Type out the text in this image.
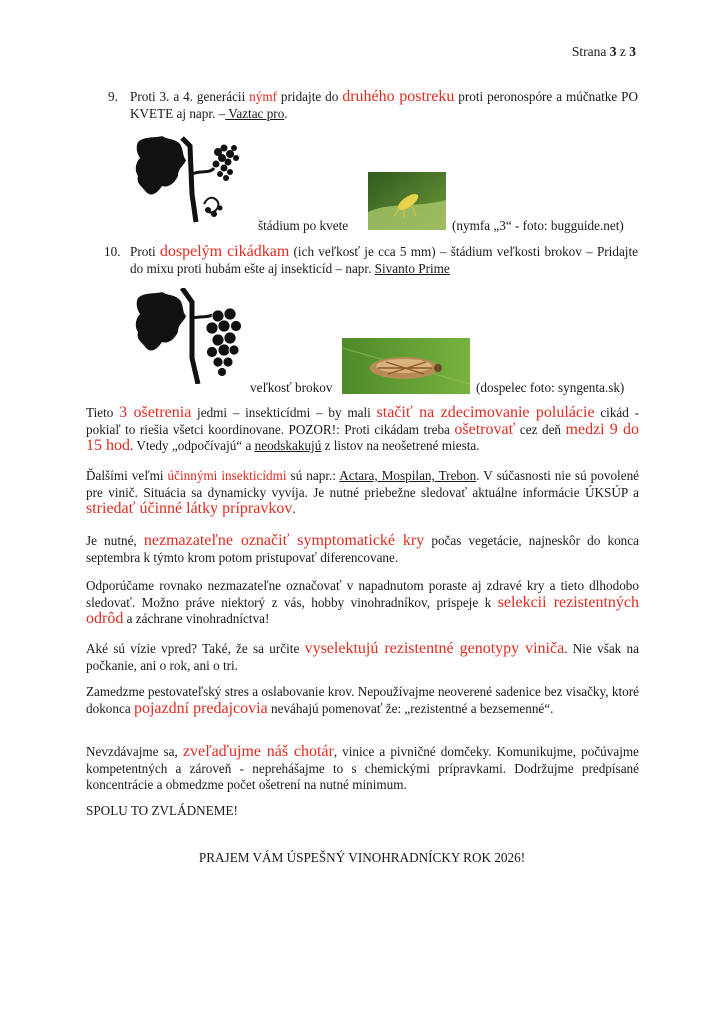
Strana 3 z 3
9. Proti 3. a 4. generácii nýmf pridajte do druhého postreku proti peronospóre a múčnatke PO KVETE aj napr. – Vaztac pro.

štádium po kvete	(nymfa „3“ - foto: bugguide.net)
10. Proti dospelým cikádkam (ich veľkosť je cca 5 mm) – štádium veľkosti brokov – Pridajte do mixu proti hubám ešte aj insekticíd – napr. Sivanto Prime

veľkosť brokov	(dospelec foto: syngenta.sk)

Tieto 3 ošetrenia jedmi – insekticídmi – by mali stačiť na zdecimovanie polulácie cikád - pokiaľ to riešia všetci koordinovane. POZOR!: Proti cikádam treba ošetrovať cez deň medzi 9 do 15 hod. Vtedy „odpočívajú“ a neodskakujú z listov na neošetrené miesta.

Ďalšími veľmi účinnými insekticídmi sú napr.: Actara, Mospilan, Trebon. V súčasnosti nie sú povolené pre vinič. Situácia sa dynamicky vyvíja. Je nutné priebežne sledovať aktuálne informácie ÚKSÚP a striedať účinné látky prípravkov.

Je nutné, nezmazateľne označiť symptomatické kry počas vegetácie, najneskôr do konca septembra k týmto krom potom pristupovať diferencovane.

Odporúčame rovnako nezmazateľne označovať v napadnutom poraste aj zdravé kry a tieto dlhodobo sledovať. Možno práve niektorý z vás, hobby vinohradníkov, prispeje k selekcii rezistentných odrôd a záchrane vinohradníctva!

Aké sú vízie vpred? Také, že sa určite vyselektujú rezistentné genotypy viniča. Nie však na počkanie, ani o rok, ani o tri.

Zamedzme pestovateľský stres a oslabovanie krov. Nepoužívajme neoverené sadenice bez visačky, ktoré dokonca pojazdní predajcovia neváhajú pomenovať že: „rezistentné a bezsemenné“.

Nevzdávajme sa, zveľaďujme náš chotár, vinice a pivničné domčeky. Komunikujme, počúvajme kompetentných a zároveň - neprehášajme to s chemickými prípravkami. Dodržujme predpísané koncentrácie a obmedzme počet ošetrení na nutné minimum.

SPOLU TO ZVLÁDNEME!

PRAJEM VÁM ÚSPEŠNÝ VINOHRADNÍCKY ROK 2026!
